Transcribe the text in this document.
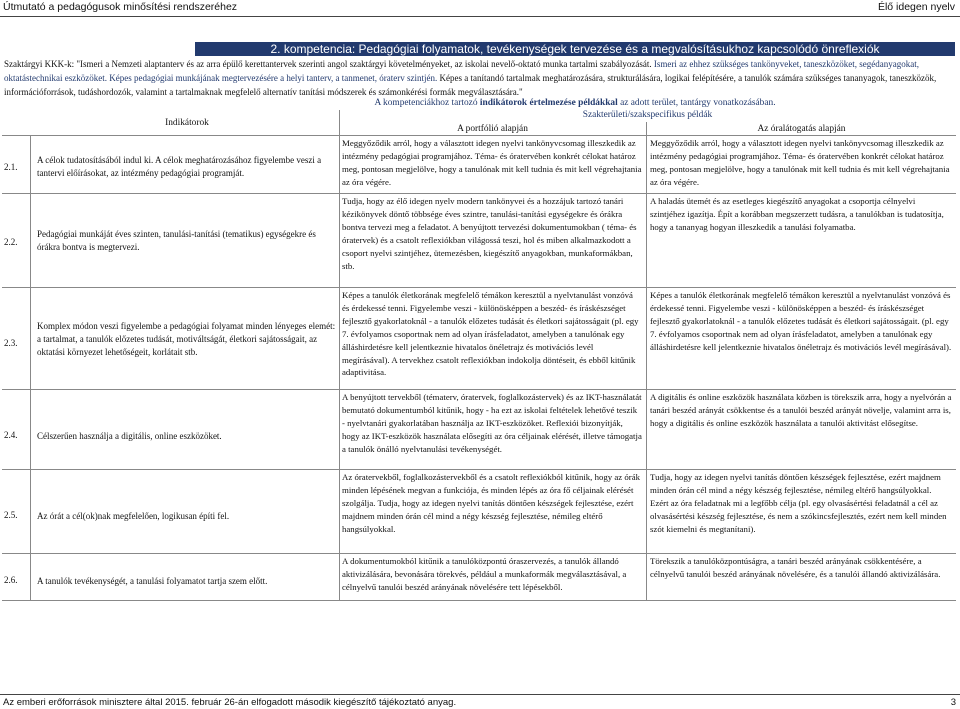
Útmutató a pedagógusok minősítési rendszeréhez	Élő idegen nyelv
2. kompetencia: Pedagógiai folyamatok, tevékenységek tervezése és a megvalósításukhoz kapcsolódó önreflexiók
Szaktárgyi KKK-k: "Ismeri a Nemzeti alaptanterv és az arra épülő kerettantervek szerinti angol szaktárgyi követelményeket, az iskolai nevelő-oktató munka tartalmi szabályozását. Ismeri az ehhez szükséges tankönyveket, taneszközöket, segédanyagokat, oktatástechnikai eszközöket. Képes pedagógiai munkájának megtervezésére a helyi tanterv, a tanmenet, óraterv szintjén. Képes a tanítandó tartalmak meghatározására, strukturálására, logikai felépítésére, a tanulók számára szükséges tananyagok, taneszközök, információforrások, tudáshordozók, valamint a tartalmaknak megfelelő alternatív tanítási módszerek és számonkérési formák megválasztására."
A kompetenciákhoz tartozó indikátorok értelmezése példákkal az adott terület, tantárgy vonatkozásában.
Indikátorok
Szakterületi/szakspecifikus példák
A portfólió alapján	Az óralátogatás alapján
2.1.
A célok tudatosításából indul ki. A célok meghatározásához figyelembe veszi a tantervi előírásokat, az intézmény pedagógiai programját.
Meggyőződik arról, hogy a választott idegen nyelvi tankönyvcsomag illeszkedik az intézmény pedagógiai programjához. Téma- és óratervében konkrét célokat határoz meg, pontosan megjelölve, hogy a tanulónak mit kell tudnia és mit kell végrehajtania az óra végére.
Meggyőződik arról, hogy a választott idegen nyelvi tankönyvcsomag illeszkedik az intézmény pedagógiai programjához. Téma- és óratervében konkrét célokat határoz meg, pontosan megjelölve, hogy a tanulónak mit kell tudnia és mit kell végrehajtania az óra végére.
2.2.
Pedagógiai munkáját éves szinten, tanulási-tanítási (tematikus) egységekre és órákra bontva is megtervezi.
Tudja, hogy az élő idegen nyelv modern tankönyvei és a hozzájuk tartozó tanári kézikönyvek döntő többsége éves szintre, tanulási-tanítási egységekre és órákra bontva tervezi meg a feladatot. A benyújtott tervezési dokumentumokban ( téma- és óratervek) és a csatolt reflexiókban világossá teszi, hol és miben alkalmazkodott a csoport nyelvi szintjéhez, ütemezésben, kiegészítő anyagokban, munkaformákban, stb.
A haladás ütemét és az esetleges kiegészítő anyagokat a csoportja célnyelvi szintjéhez igazítja. Épít a korábban megszerzett tudásra, a tanulókban is tudatosítja, hogy a tananyag hogyan illeszkedik a tanulási folyamatba.
2.3.
Komplex módon veszi figyelembe a pedagógiai folyamat minden lényeges elemét: a tartalmat, a tanulók előzetes tudását, motiváltságát, életkori sajátosságait, az oktatási környezet lehetőségeit, korlátait stb.
Képes a tanulók életkorának megfelelő témákon keresztül a nyelvtanulást vonzóvá és érdekessé tenni. Figyelembe veszi - különösképpen a beszéd- és íráskészséget fejlesztő gyakorlatoknál - a tanulók előzetes tudását és életkori sajátosságait (pl. egy 7. évfolyamos csoportnak nem ad olyan írásfeladatot, amelyben a tanulónak egy álláshirdetésre kell jelentkeznie hivatalos önéletrajz és motivációs levél megírásával). A tervekhez csatolt reflexiókban indokolja döntéseit, és ebből kitűnik adaptivitása.
Képes a tanulók életkorának megfelelő témákon keresztül a nyelvtanulást vonzóvá és érdekessé tenni. Figyelembe veszi - különösképpen a beszéd- és íráskészséget fejlesztő gyakorlatoknál - a tanulók előzetes tudását és életkori sajátosságait. (pl. egy 7. évfolyamos csoportnak nem ad olyan írásfeladatot, amelyben a tanulónak egy álláshirdetésre kell jelentkeznie hivatalos önéletrajz és motivációs levél megírásával).
2.4. Célszerűen használja a digitális, online eszközöket.
A benyújtott tervekből (tématerv, óratervek, foglalkozástervek) és az IKT-használatát bemutató dokumentumból kitűnik, hogy - ha ezt az iskolai feltételek lehetővé teszik - nyelvtanári gyakorlatában használja az IKT-eszközöket. Reflexiói bizonyítják, hogy az IKT-eszközök használata elősegíti az óra céljainak elérését, illetve támogatja a tanulók önálló nyelvtanulási tevékenységét.
A digitális és online eszközök használata közben is törekszik arra, hogy a nyelvórán a tanári beszéd arányát csökkentse és a tanulói beszéd arányát növelje, valamint arra is, hogy a digitális és online eszközök használata a tanulói aktivitást elősegítse.
2.5. Az órát a cél(ok)nak megfelelően, logikusan építi fel.
Az óratervekből, foglalkozástervekből és a csatolt reflexiókból kitűnik, hogy az órák minden lépésének megvan a funkciója, és minden lépés az óra fő céljainak elérését szolgálja. Tudja, hogy az idegen nyelvi tanítás döntően készségek fejlesztése, ezért majdnem minden órán cél mind a négy készség fejlesztése, némileg eltérő hangsúlyokkal.
Tudja, hogy az idegen nyelvi tanítás döntően készségek fejlesztése, ezért majdnem minden órán cél mind a négy készség fejlesztése, némileg eltérő hangsúlyokkal. Ezért az óra feladatnak mi a legfőbb célja (pl. egy olvasásértési feladatnál a cél az olvasásértési készség fejlesztése, és nem a szókincsfejlesztés, ezért nem kell minden szót kiemelni és megtanítani).
2.6. A tanulók tevékenységét, a tanulási folyamatot tartja szem előtt.
A dokumentumokból kitűnik a tanulóközpontú óraszervezés, a tanulók állandó aktivizálására, bevonására törekvés, például a munkaformák megválasztásával, a célnyelvű tanulói beszéd arányának növelésére tett lépésekből.
Törekszik a tanulóközpontúságra, a tanári beszéd arányának csökkentésére, a célnyelvű tanulói beszéd arányának növelésére, és a tanulói állandó aktivizálására.
Az emberi erőforrások minisztere által 2015. február 26-án elfogadott második kiegészítő tájékoztató anyag.	3
